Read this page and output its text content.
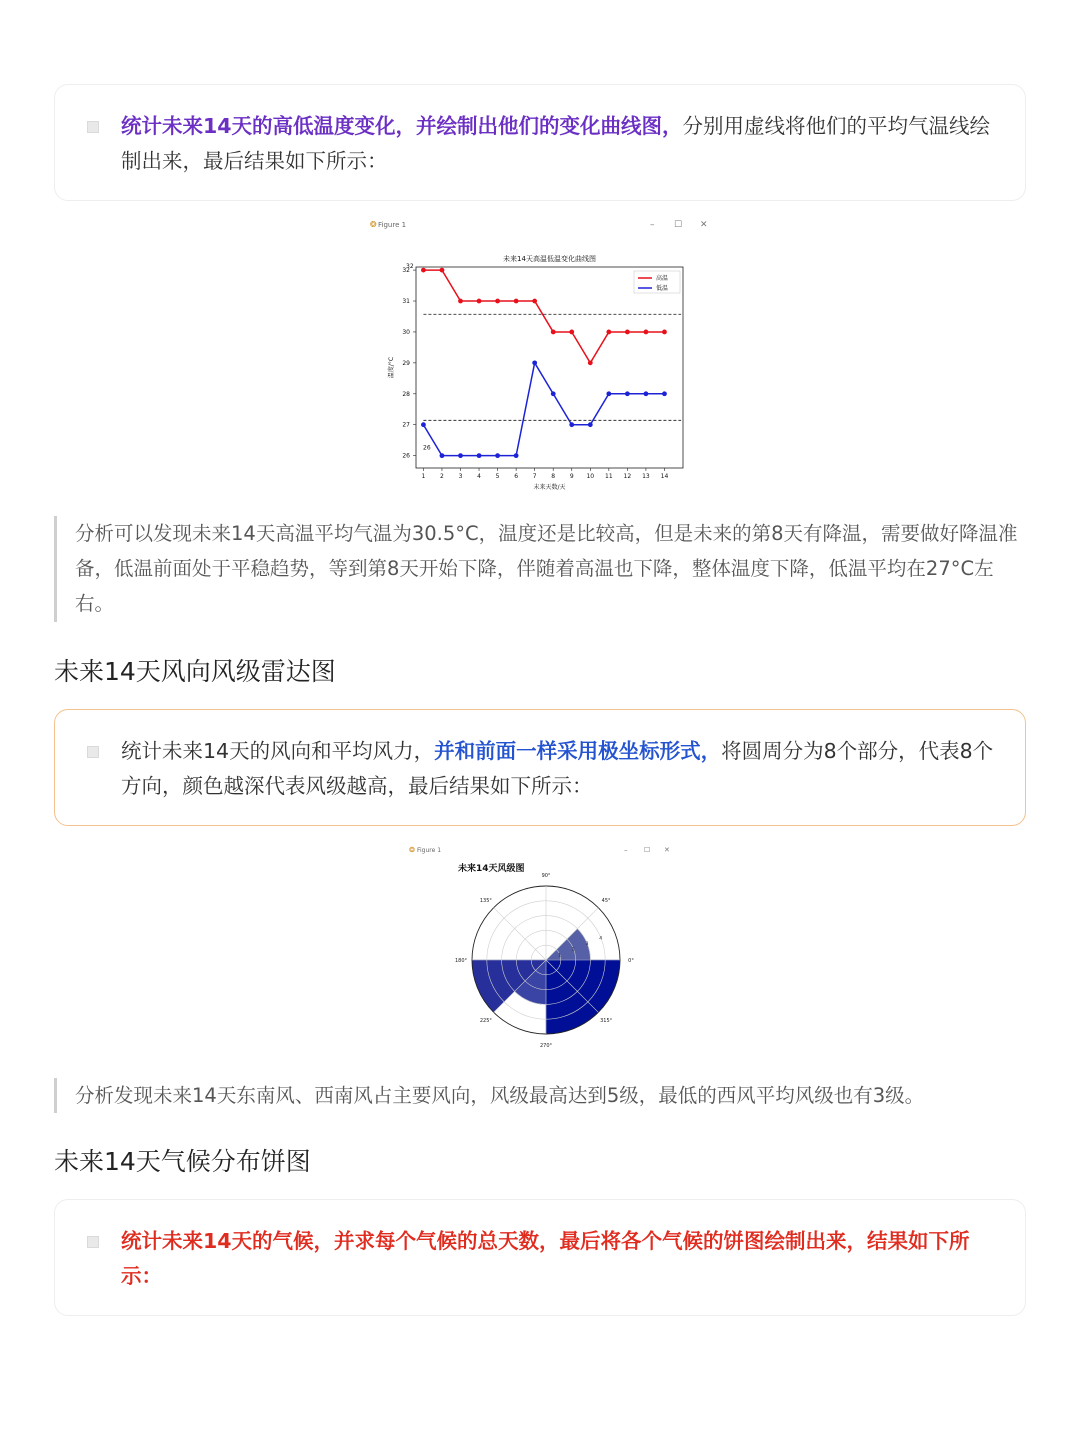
统计未来14天的高低温度变化，并绘制出他们的变化曲线图，分别用虚线将他们的平均气温线绘制出来，最后结果如下所示：
❂ Figure 1	– ☐ ✕
未来14天高温低温变化曲线图
未来天数/天
温度/°C
1 2 3 4 5 6 7 8 9 10 11 12 13 14
26
27
28
29
30
31
32
32
26
高温
低温
分析可以发现未来14天高温平均气温为30.5°C，温度还是比较高，但是未来的第8天有降温，需要做好降温准备，低温前面处于平稳趋势，等到第8天开始下降，伴随着高温也下降，整体温度下降，低温平均在27°C左右。
未来14天风向风级雷达图
统计未来14天的风向和平均风力，并和前面一样采用极坐标形式，将圆周分为8个部分，代表8个方向，颜色越深代表风级越高，最后结果如下所示：
❂ Figure 1	– ☐ ✕
未来14天风级图
0°
45°
90°
135°
180°
225°
270°
315°
1
2
3
4
分析发现未来14天东南风、西南风占主要风向，风级最高达到5级，最低的西风平均风级也有3级。
未来14天气候分布饼图
统计未来14天的气候，并求每个气候的总天数，最后将各个气候的饼图绘制出来，结果如下所示：
